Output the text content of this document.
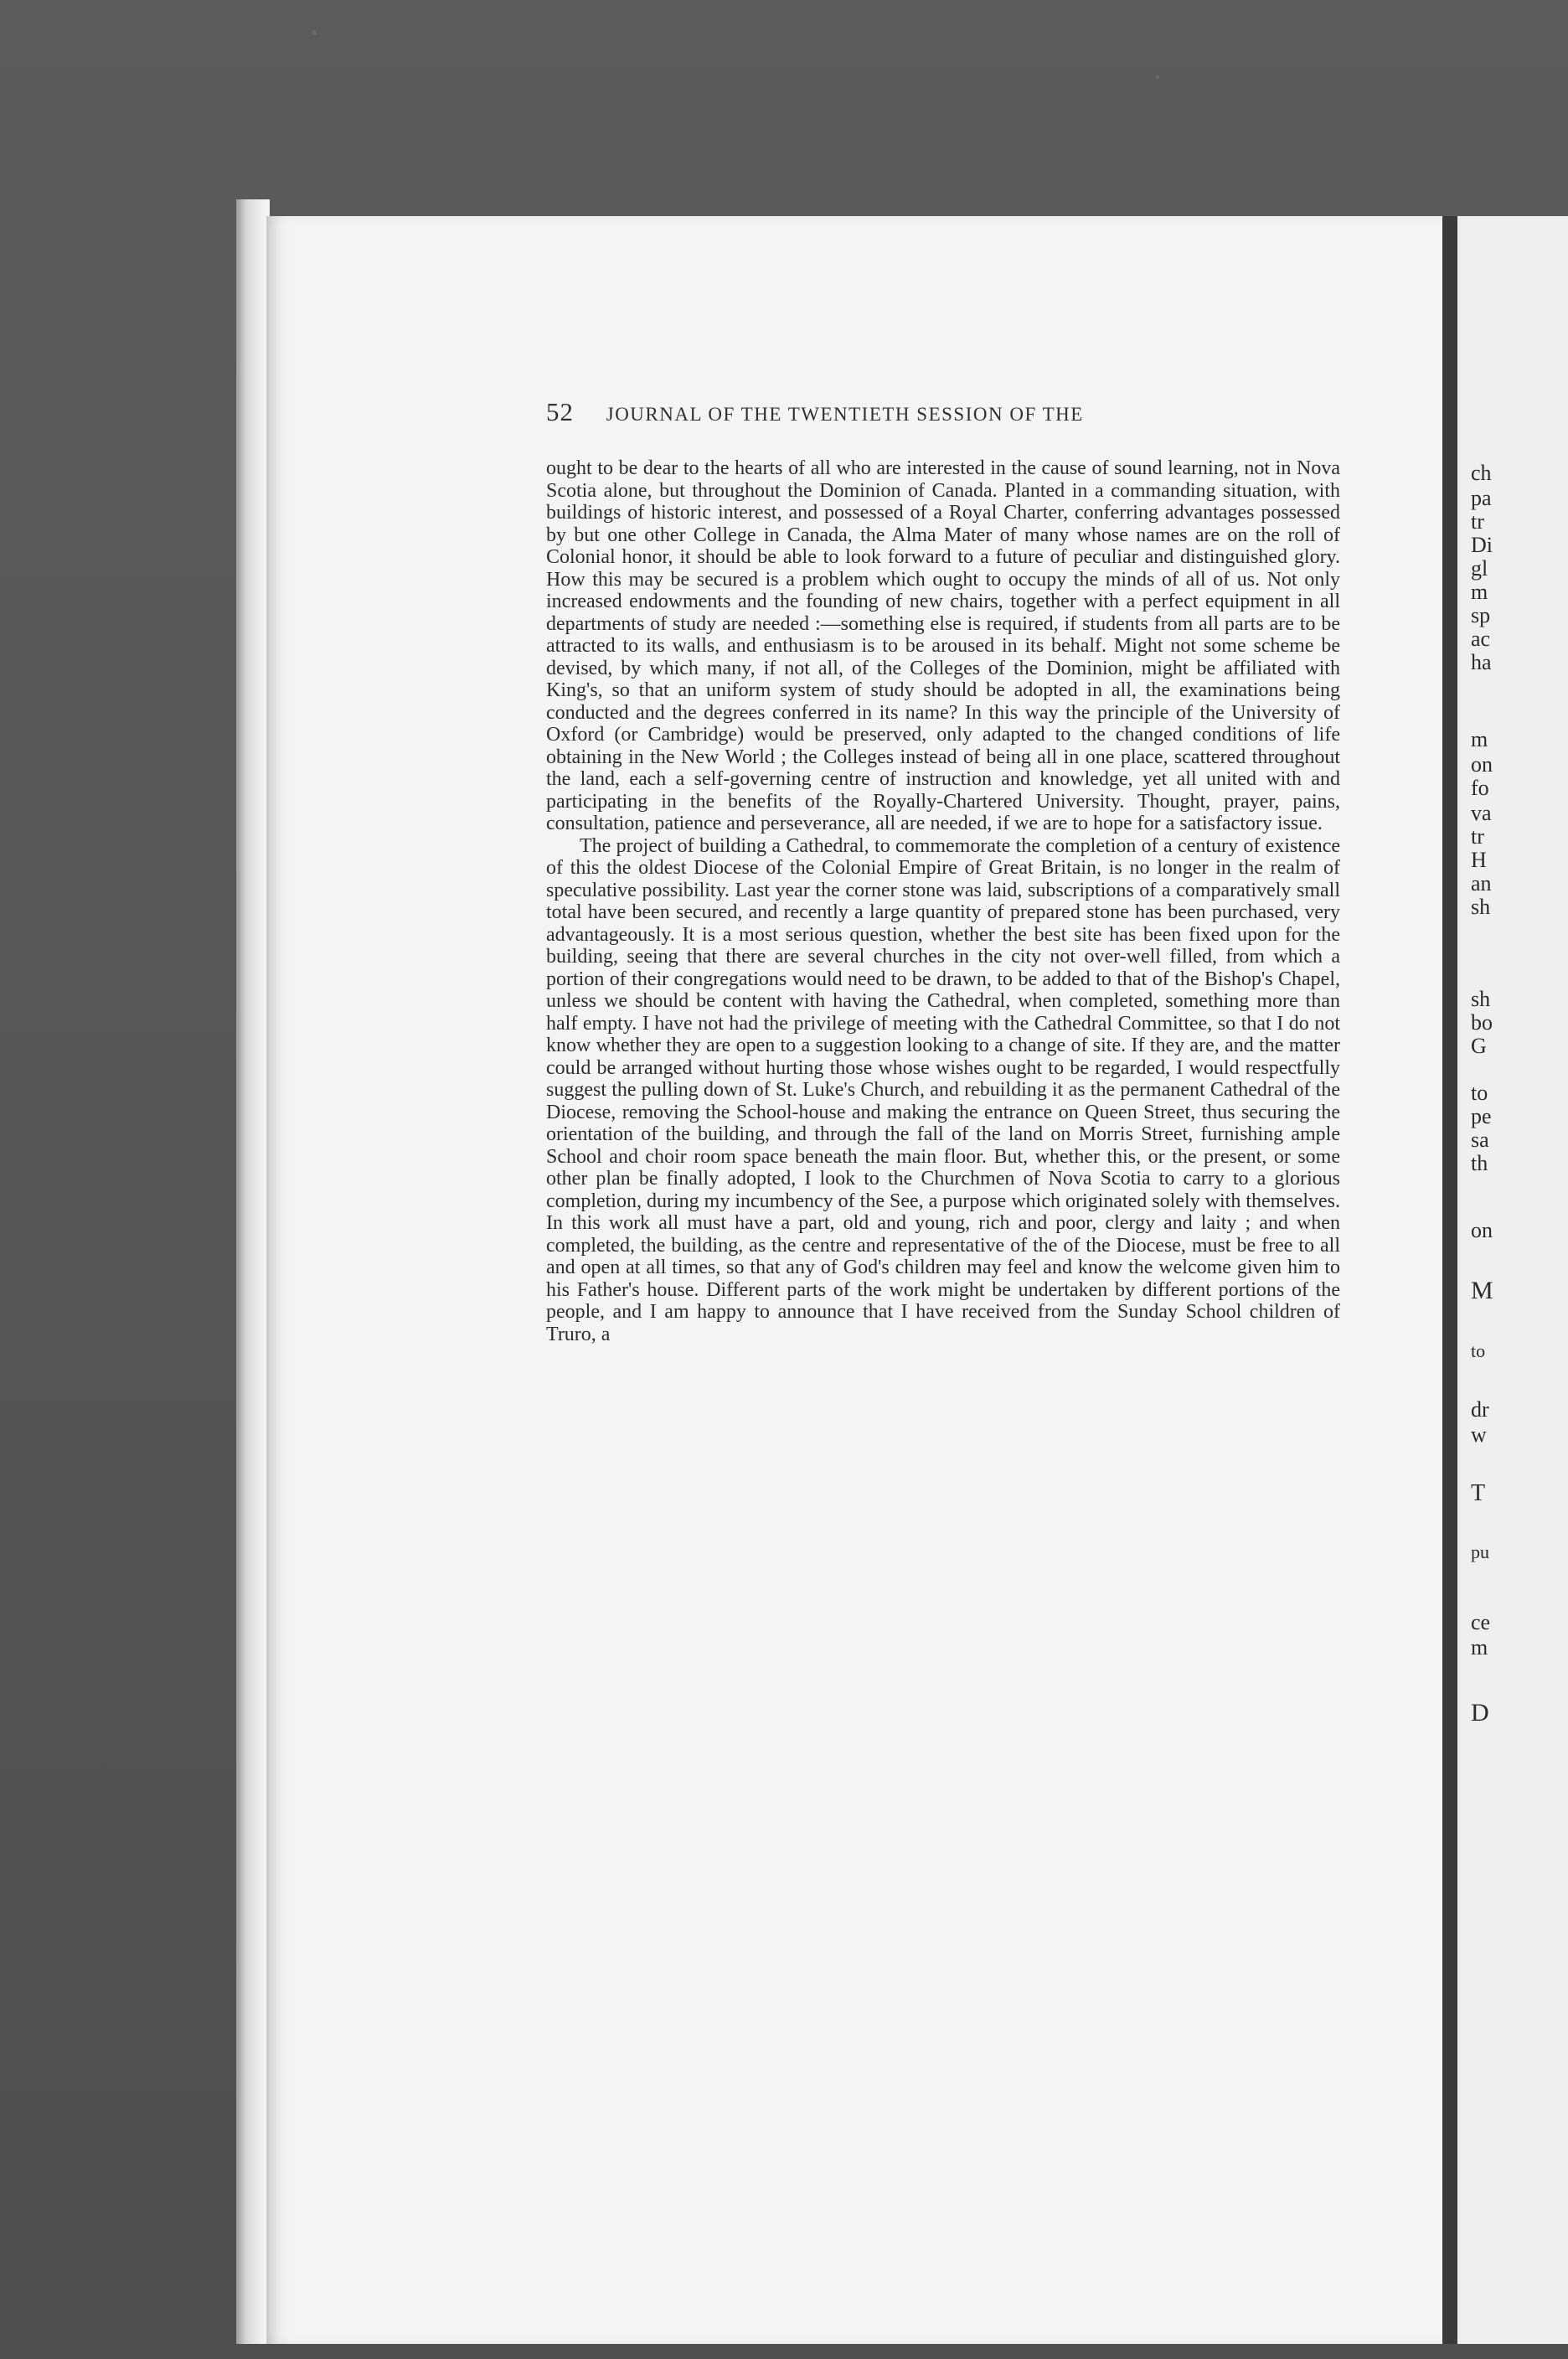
52 JOURNAL OF THE TWENTIETH SESSION OF THE

ought to be dear to the hearts of all who are interested in the cause of sound learning, not in Nova Scotia alone, but throughout the Dominion of Canada. Planted in a commanding situation, with buildings of historic interest, and possessed of a Royal Charter, conferring advantages possessed by but one other College in Canada, the Alma Mater of many whose names are on the roll of Colonial honor, it should be able to look forward to a future of peculiar and distinguished glory. How this may be secured is a problem which ought to occupy the minds of all of us. Not only increased endowments and the founding of new chairs, together with a perfect equipment in all departments of study are needed :—something else is required, if students from all parts are to be attracted to its walls, and enthusiasm is to be aroused in its behalf. Might not some scheme be devised, by which many, if not all, of the Colleges of the Dominion, might be affiliated with King's, so that an uniform system of study should be adopted in all, the examinations being conducted and the degrees conferred in its name? In this way the principle of the University of Oxford (or Cambridge) would be preserved, only adapted to the changed conditions of life obtaining in the New World ; the Colleges instead of being all in one place, scattered throughout the land, each a self-governing centre of instruction and knowledge, yet all united with and participating in the benefits of the Royally-Chartered University. Thought, prayer, pains, consultation, patience and perseverance, all are needed, if we are to hope for a satisfactory issue.

The project of building a Cathedral, to commemorate the completion of a century of existence of this the oldest Diocese of the Colonial Empire of Great Britain, is no longer in the realm of speculative possibility. Last year the corner stone was laid, subscriptions of a comparatively small total have been secured, and recently a large quantity of prepared stone has been purchased, very advantageously. It is a most serious question, whether the best site has been fixed upon for the building, seeing that there are several churches in the city not over-well filled, from which a portion of their congregations would need to be drawn, to be added to that of the Bishop's Chapel, unless we should be content with having the Cathedral, when completed, something more than half empty. I have not had the privilege of meeting with the Cathedral Committee, so that I do not know whether they are open to a suggestion looking to a change of site. If they are, and the matter could be arranged without hurting those whose wishes ought to be regarded, I would respectfully suggest the pulling down of St. Luke's Church, and rebuilding it as the permanent Cathedral of the Diocese, removing the School-house and making the entrance on Queen Street, thus securing the orientation of the building, and through the fall of the land on Morris Street, furnishing ample School and choir room space beneath the main floor. But, whether this, or the present, or some other plan be finally adopted, I look to the Churchmen of Nova Scotia to carry to a glorious completion, during my incumbency of the See, a purpose which originated solely with themselves. In this work all must have a part, old and young, rich and poor, clergy and laity ; and when completed, the building, as the centre and representative of the of the Diocese, must be free to all and open at all times, so that any of God's children may feel and know the welcome given him to his Father's house. Different parts of the work might be undertaken by different portions of the people, and I am happy to announce that I have received from the Sunday School children of Truro, a

ch
pa
tr
Di
gl
m
sp
ac
ha
m
on
fo
va
tr
H
an
sh
sh
bo
G
to
pe
sa
th
on
M
to
dr
w
T
pu
ce
m
D
